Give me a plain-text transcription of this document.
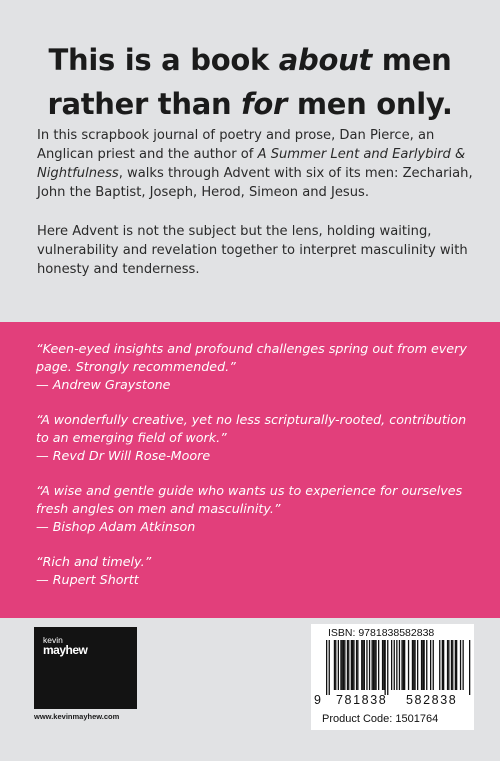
This is a book about men
rather than for men only.

In this scrapbook journal of poetry and prose, Dan Pierce, an Anglican priest and the author of A Summer Lent and Earlybird & Nightfulness, walks through Advent with six of its men: Zechariah, John the Baptist, Joseph, Herod, Simeon and Jesus.

Here Advent is not the subject but the lens, holding waiting, vulnerability and revelation together to interpret masculinity with honesty and tenderness.

“Keen-eyed insights and profound challenges spring out from every page. Strongly recommended.”
— Andrew Graystone
“A wonderfully creative, yet no less scripturally-rooted, contribution to an emerging field of work.”
— Revd Dr Will Rose-Moore
“A wise and gentle guide who wants us to experience for ourselves fresh angles on men and masculinity.”
— Bishop Adam Atkinson
“Rich and timely.”
— Rupert Shortt
kevin
mayhew
www.kevinmayhew.com
ISBN: 9781838582838
9 781838 582838
Product Code: 1501764
